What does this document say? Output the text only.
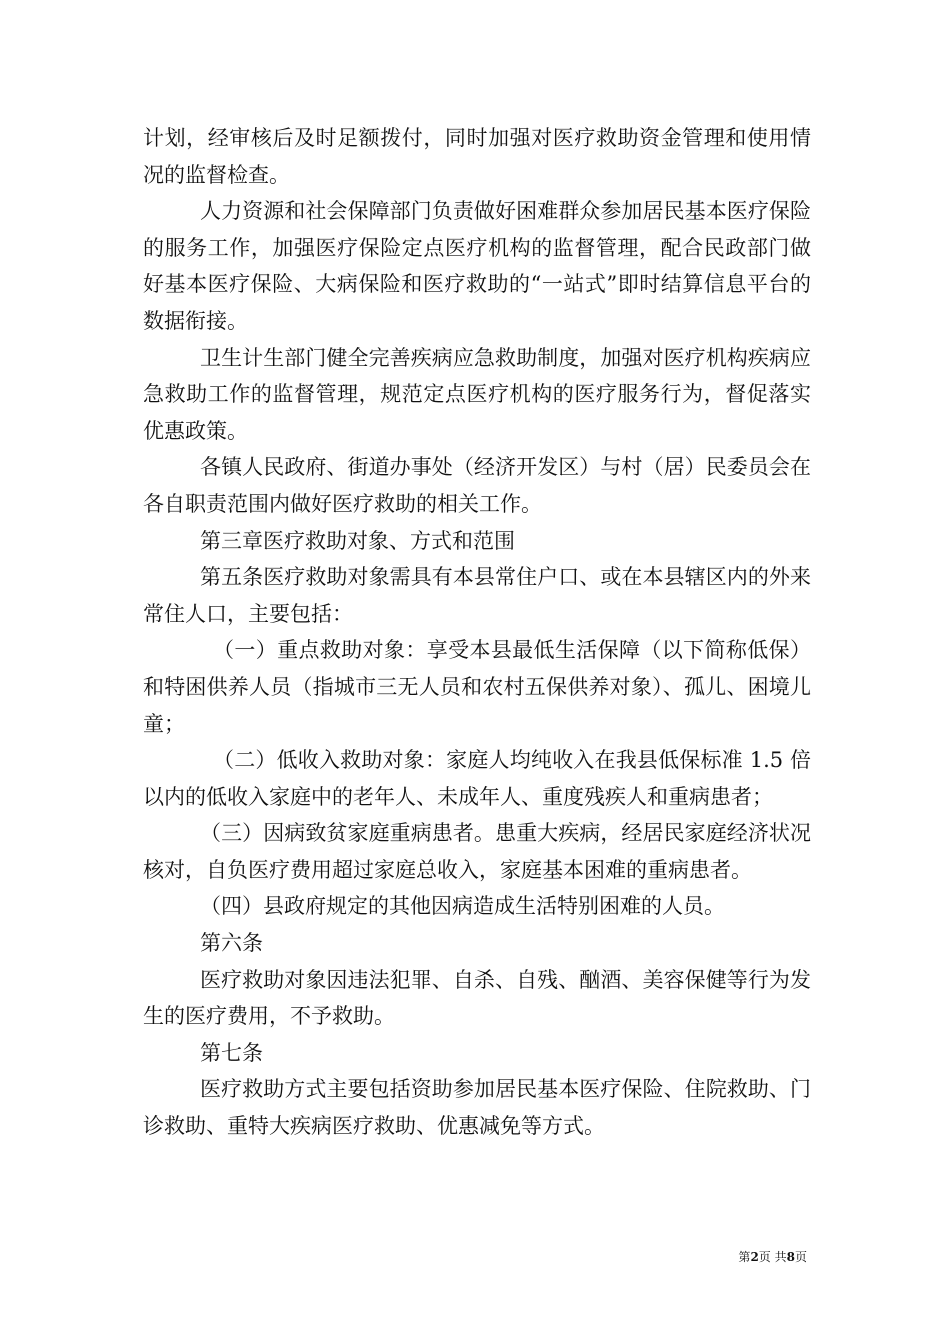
计划，经审核后及时足额拨付，同时加强对医疗救助资金管理和使用情况的监督检查。

人力资源和社会保障部门负责做好困难群众参加居民基本医疗保险的服务工作，加强医疗保险定点医疗机构的监督管理，配合民政部门做好基本医疗保险、大病保险和医疗救助的“一站式”即时结算信息平台的数据衔接。

卫生计生部门健全完善疾病应急救助制度，加强对医疗机构疾病应急救助工作的监督管理，规范定点医疗机构的医疗服务行为，督促落实优惠政策。

各镇人民政府、街道办事处（经济开发区）与村（居）民委员会在各自职责范围内做好医疗救助的相关工作。

第三章医疗救助对象、方式和范围

第五条医疗救助对象需具有本县常住户口、或在本县辖区内的外来常住人口，主要包括：

（一）重点救助对象：享受本县最低生活保障（以下简称低保）和特困供养人员（指城市三无人员和农村五保供养对象）、孤儿、困境儿童；

（二）低收入救助对象：家庭人均纯收入在我县低保标准 1.5 倍以内的低收入家庭中的老年人、未成年人、重度残疾人和重病患者；

（三）因病致贫家庭重病患者。患重大疾病，经居民家庭经济状况核对，自负医疗费用超过家庭总收入，家庭基本困难的重病患者。

（四）县政府规定的其他因病造成生活特别困难的人员。

第六条

医疗救助对象因违法犯罪、自杀、自残、酗酒、美容保健等行为发生的医疗费用，不予救助。

第七条

医疗救助方式主要包括资助参加居民基本医疗保险、住院救助、门诊救助、重特大疾病医疗救助、优惠减免等方式。

第2页 共8页
